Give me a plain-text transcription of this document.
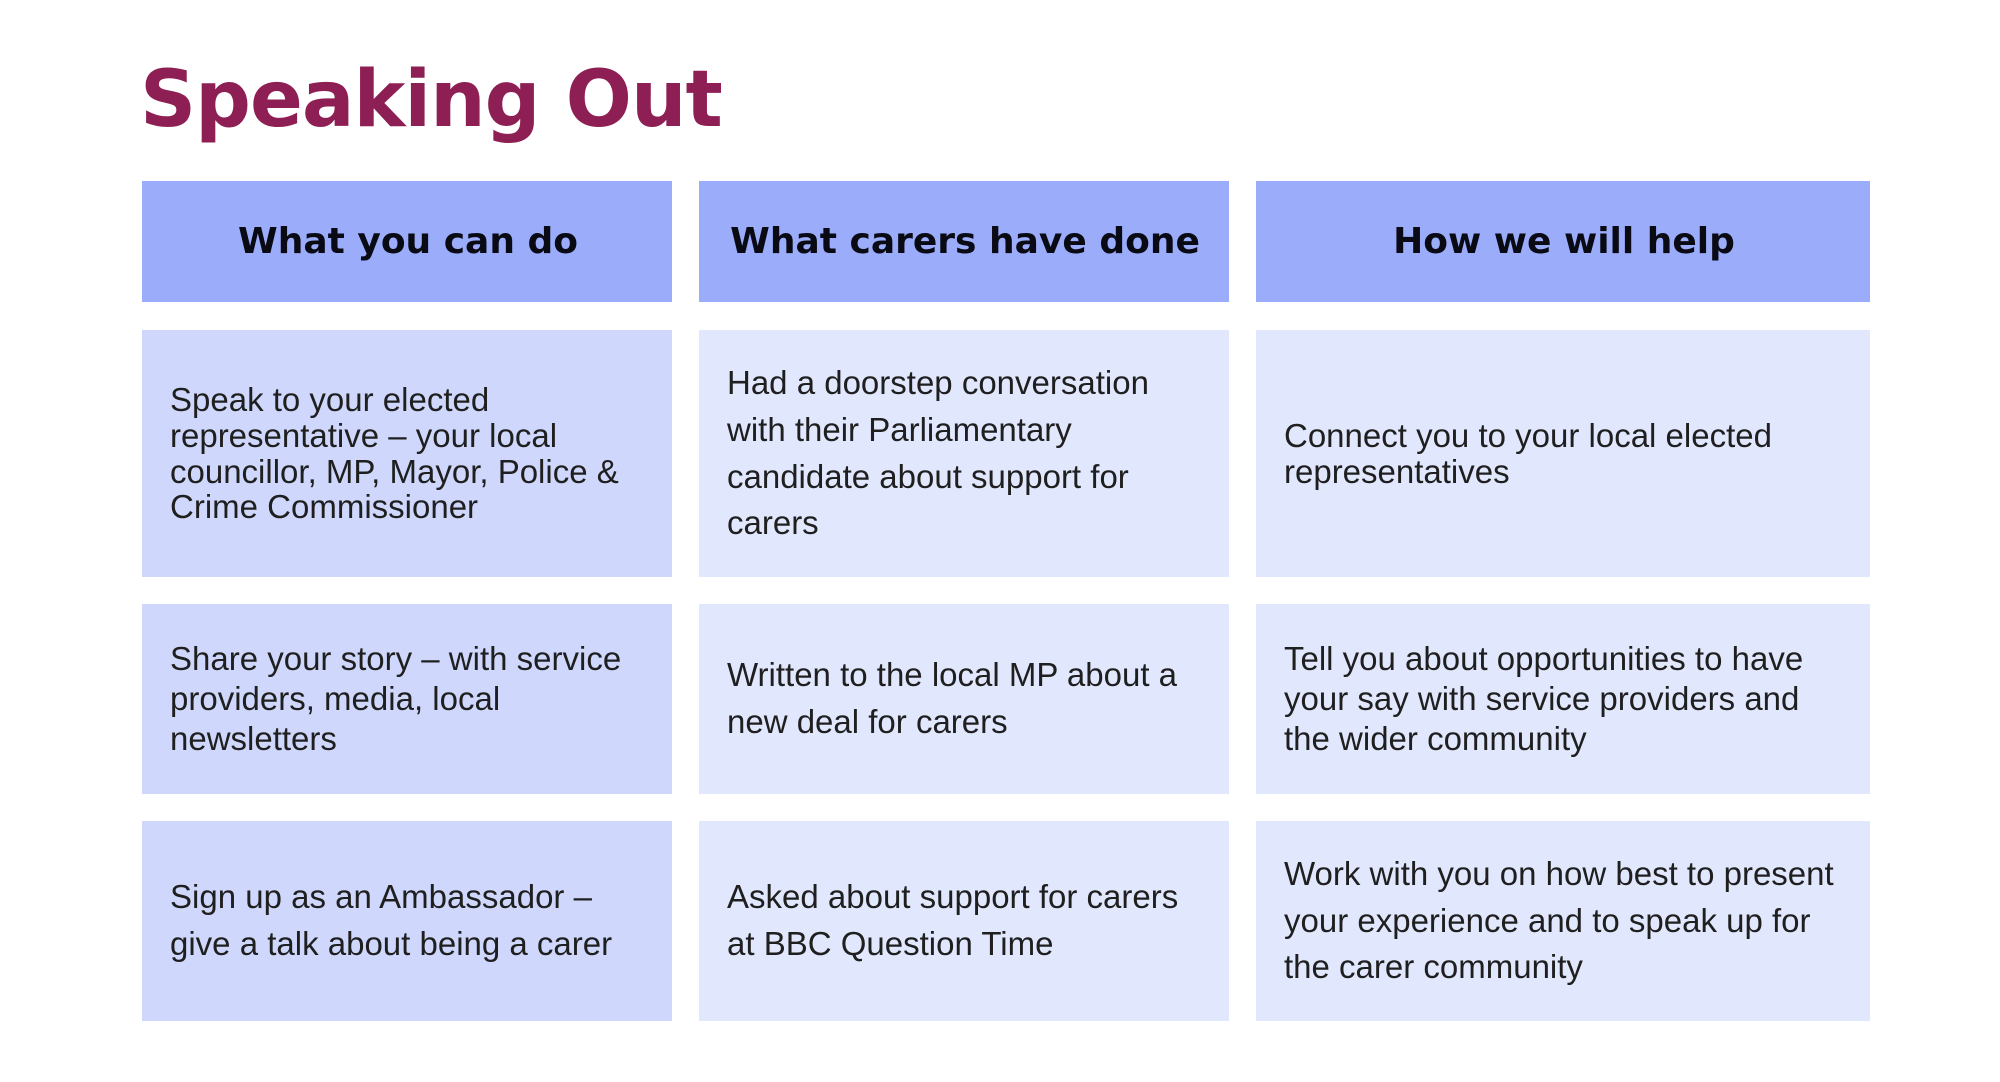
Speaking Out
What you can do	What carers have done	How we will help
Speak to your elected representative – your local councillor, MP, Mayor, Police & Crime Commissioner
Had a doorstep conversation with their Parliamentary candidate about support for carers
Connect you to your local elected representatives
Share your story – with service providers, media, local newsletters
Written to the local MP about a new deal for carers
Tell you about opportunities to have your say with service providers and the wider community
Sign up as an Ambassador – give a talk about being a carer
Asked about support for carers at BBC Question Time
Work with you on how best to present your experience and to speak up for the carer community
